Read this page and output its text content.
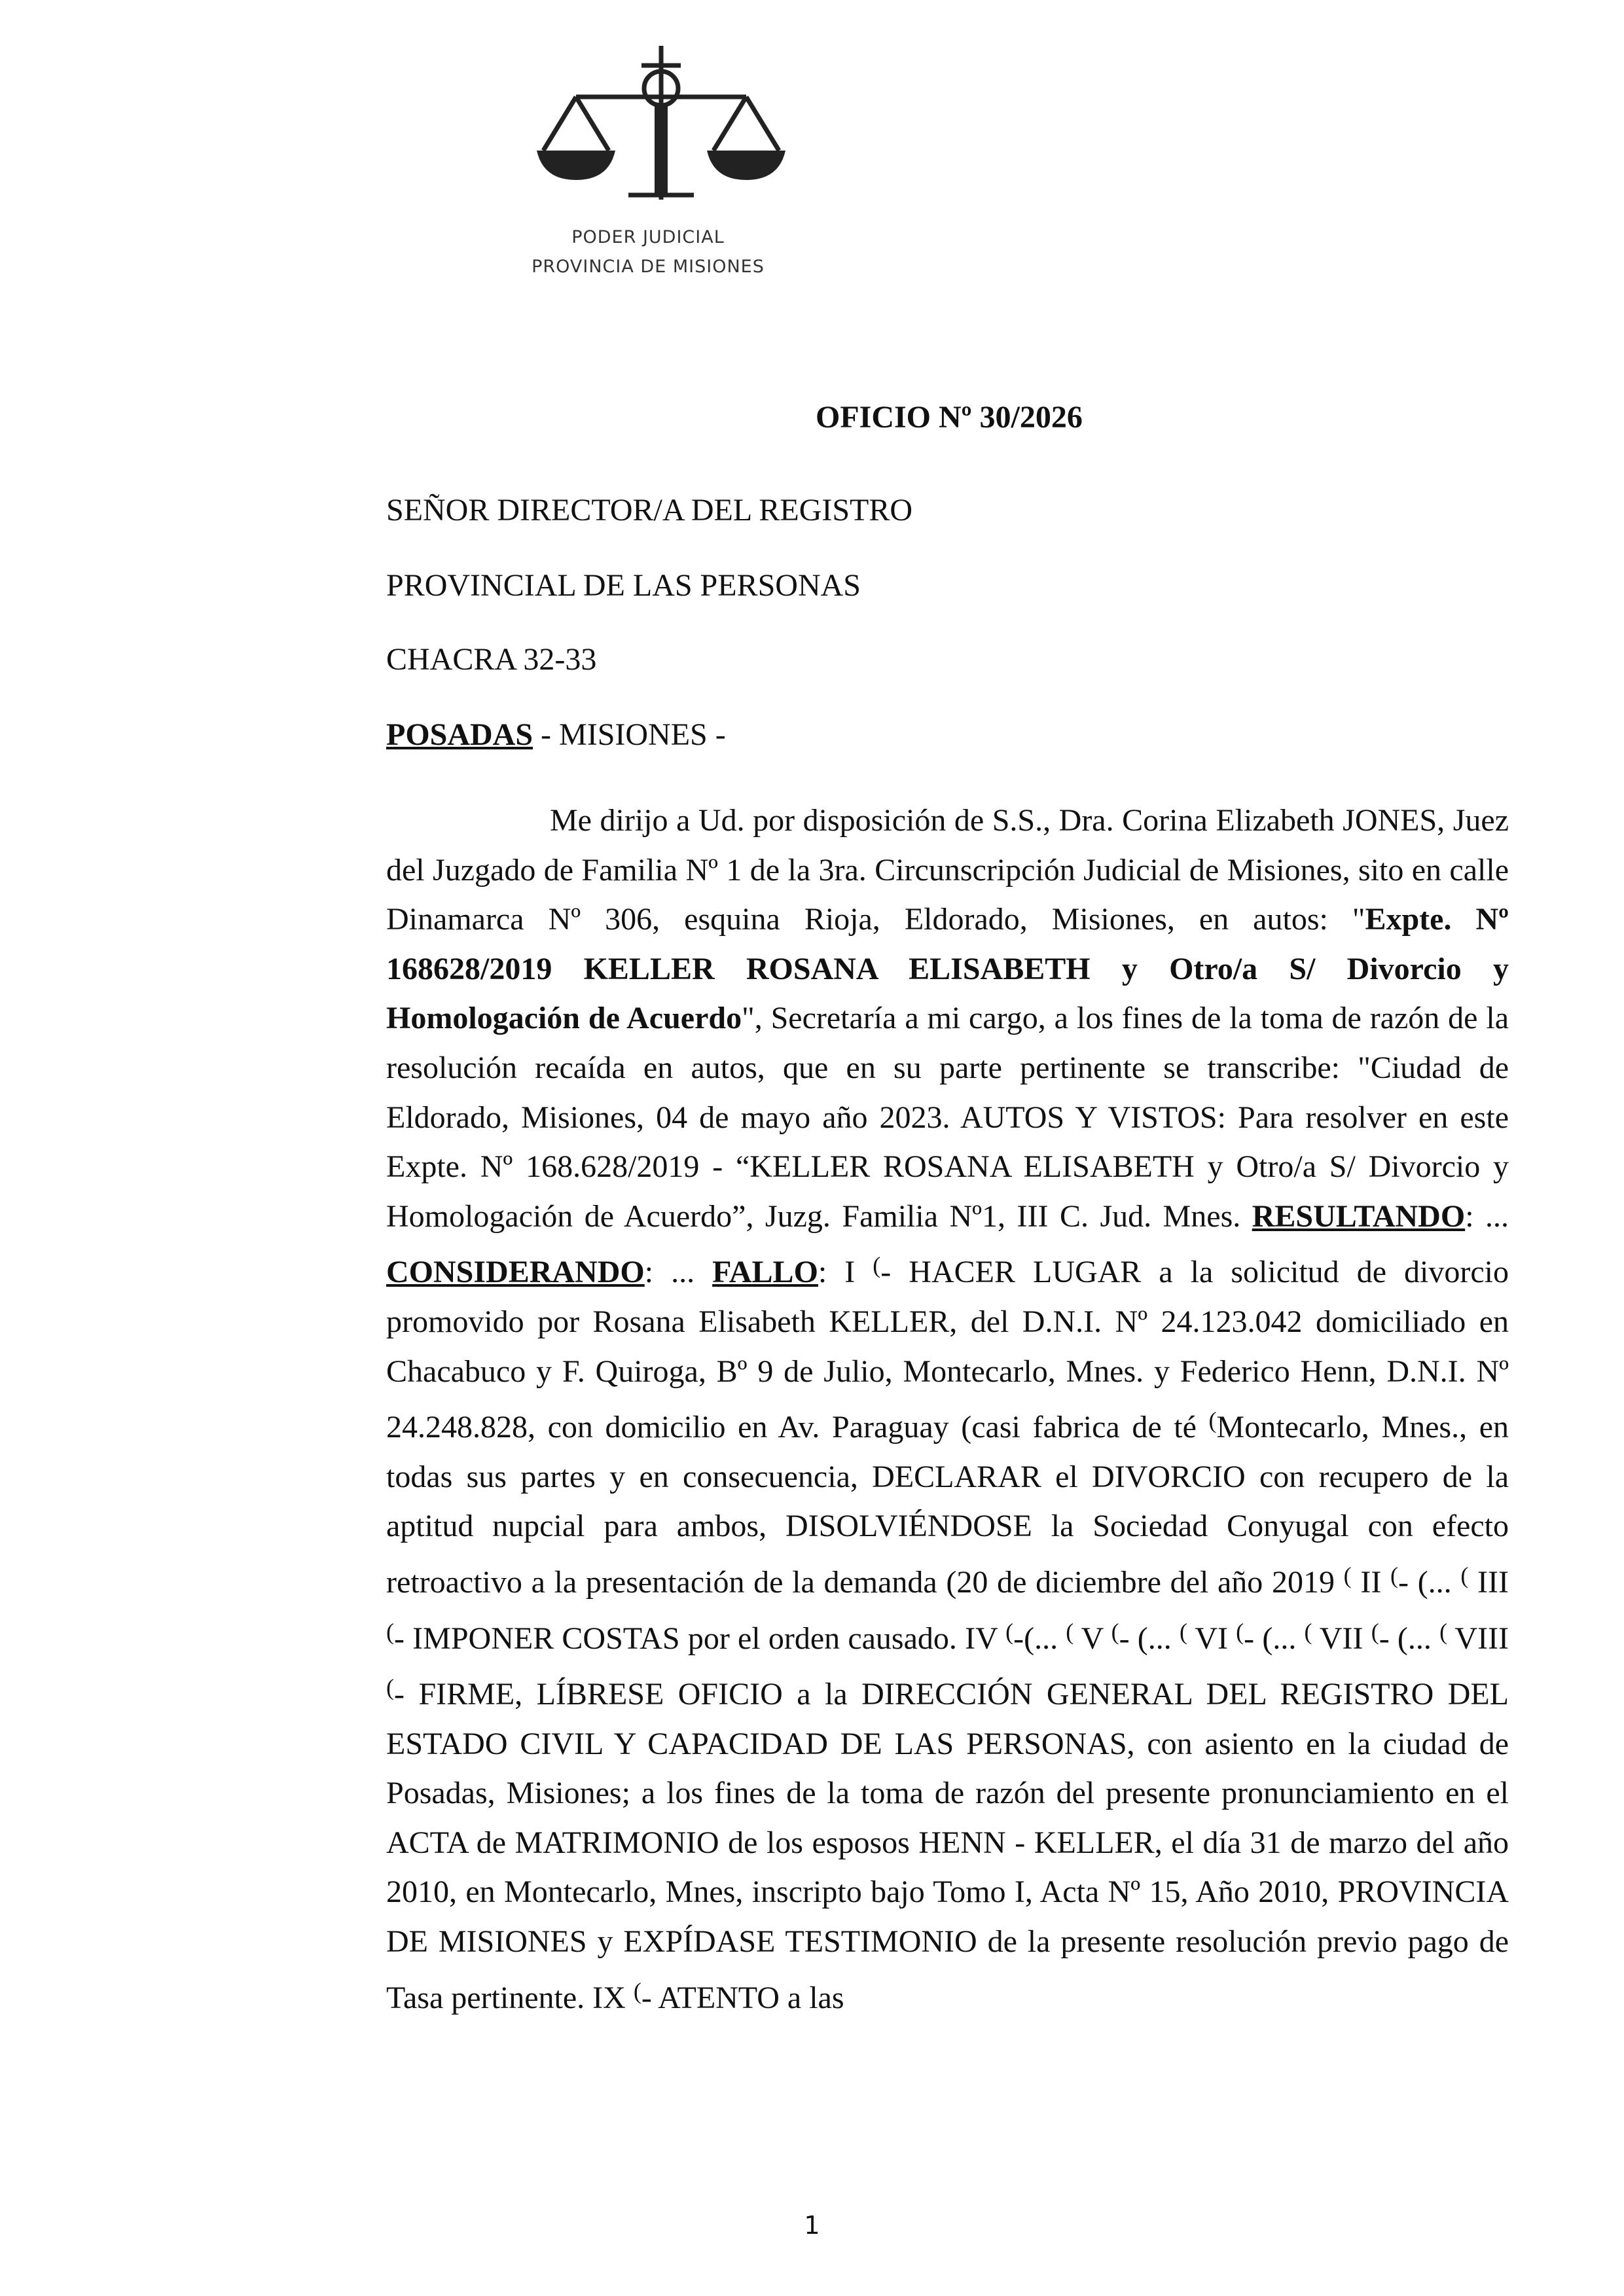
PODER JUDICIAL
PROVINCIA DE MISIONES
OFICIO Nº 30/2026
SEÑOR DIRECTOR/A DEL REGISTRO
PROVINCIAL DE LAS PERSONAS
CHACRA 32-33
POSADAS - MISIONES -

Me dirijo a Ud. por disposición de S.S., Dra. Corina Elizabeth JONES, Juez del Juzgado de Familia Nº 1 de la 3ra. Circunscripción Judicial de Misiones, sito en calle Dinamarca Nº 306, esquina Rioja, Eldorado, Misiones, en autos: "Expte. Nº 168628/2019 KELLER ROSANA ELISABETH y Otro/a S/ Divorcio y Homologación de Acuerdo", Secretaría a mi cargo, a los fines de la toma de razón de la resolución recaída en autos, que en su parte pertinente se transcribe: "Ciudad de Eldorado, Misiones, 04 de mayo año 2023. AUTOS Y VISTOS: Para resolver en este Expte. Nº 168.628/2019 - “KELLER ROSANA ELISABETH y Otro/a S/ Divorcio y Homologación de Acuerdo”, Juzg. Familia Nº1, III C. Jud. Mnes. RESULTANDO: ... CONSIDERANDO: ... FALLO: I (- HACER LUGAR a la solicitud de divorcio promovido por Rosana Elisabeth KELLER, del D.N.I. Nº 24.123.042 domiciliado en Chacabuco y F. Quiroga, Bº 9 de Julio, Montecarlo, Mnes. y Federico Henn, D.N.I. Nº 24.248.828, con domicilio en Av. Paraguay (casi fabrica de té (Montecarlo, Mnes., en todas sus partes y en consecuencia, DECLARAR el DIVORCIO con recupero de la aptitud nupcial para ambos, DISOLVIÉNDOSE la Sociedad Conyugal con efecto retroactivo a la presentación de la demanda (20 de diciembre del año 2019 ( II (- (... ( III (- IMPONER COSTAS por el orden causado. IV (-(... ( V (- (... ( VI (- (... ( VII (- (... ( VIII (- FIRME, LÍBRESE OFICIO a la DIRECCIÓN GENERAL DEL REGISTRO DEL ESTADO CIVIL Y CAPACIDAD DE LAS PERSONAS, con asiento en la ciudad de Posadas, Misiones; a los fines de la toma de razón del presente pronunciamiento en el ACTA de MATRIMONIO de los esposos HENN - KELLER, el día 31 de marzo del año 2010, en Montecarlo, Mnes, inscripto bajo Tomo I, Acta Nº 15, Año 2010, PROVINCIA DE MISIONES y EXPÍDASE TESTIMONIO de la presente resolución previo pago de Tasa pertinente. IX (- ATENTO a las

1
